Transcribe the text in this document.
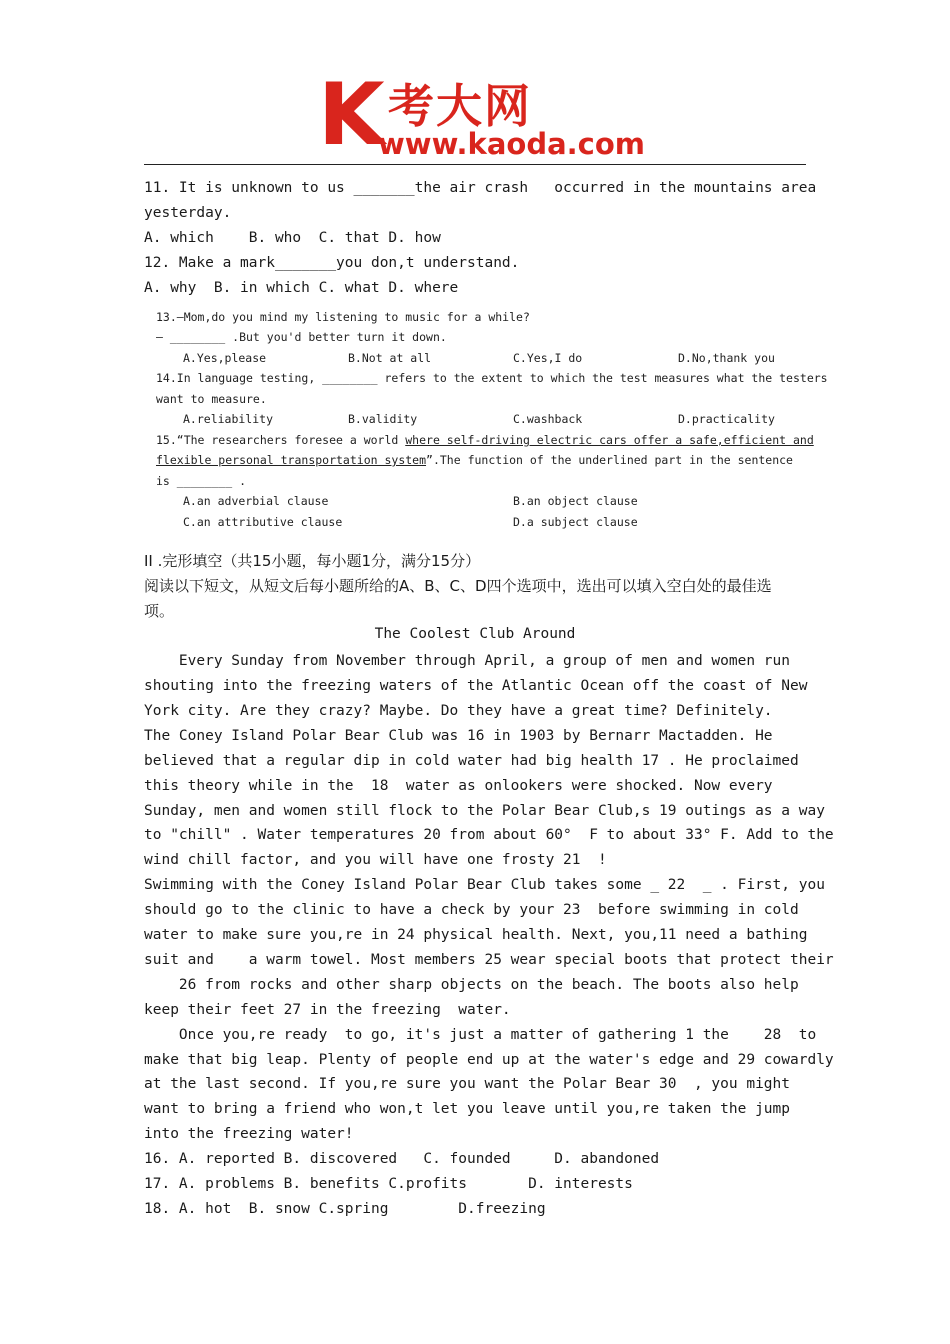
K 考大网
www.kaoda.com
11. It is unknown to us _______the air crash   occurred in the mountains area
yesterday.
A. which    B. who  C. that D. how
12. Make a mark_______you don,t understand.
A. why  B. in which C. what D. where
13.—Mom,do you mind my listening to music for a while?
— ________ .But you'd better turn it down.
A.Yes,please	B.Not at all	C.Yes,I do	D.No,thank you
14.In language testing, ________ refers to the extent to which the test measures what the testers
want to measure.
A.reliability	B.validity	C.washback	D.practicality
15.“The researchers foresee a world where self-driving electric cars offer a safe,efficient and
flexible personal transportation system”.The function of the underlined part in the sentence
is ________ .
A.an adverbial clause	B.an object clause
C.an attributive clause	D.a subject clause
II .完形填空（共15小题，每小题1分，满分15分）
阅读以下短文，从短文后每小题所给的A、B、C、D四个选项中，选出可以填入空白处的最佳选
项。
The Coolest Club Around
Every Sunday from November through April, a group of men and women run
shouting into the freezing waters of the Atlantic Ocean off the coast of New
York city. Are they crazy? Maybe. Do they have a great time? Definitely.
The Coney Island Polar Bear Club was 16 in 1903 by Bernarr Mactadden. He
believed that a regular dip in cold water had big health 17 . He proclaimed
this theory while in the  18  water as onlookers were shocked. Now every
Sunday, men and women still flock to the Polar Bear Club,s 19 outings as a way
to "chill" . Water temperatures 20 from about 60°  F to about 33° F. Add to the
wind chill factor, and you will have one frosty 21  !
Swimming with the Coney Island Polar Bear Club takes some _ 22  _ . First, you
should go to the clinic to have a check by your 23  before swimming in cold
water to make sure you,re in 24 physical health. Next, you,11 need a bathing
suit and    a warm towel. Most members 25 wear special boots that protect their
26 from rocks and other sharp objects on the beach. The boots also help
keep their feet 27 in the freezing  water.
Once you,re ready  to go, it's just a matter of gathering 1 the    28  to
make that big leap. Plenty of people end up at the water's edge and 29 cowardly
at the last second. If you,re sure you want the Polar Bear 30  , you might
want to bring a friend who won,t let you leave until you,re taken the jump
into the freezing water!
16. A. reported B. discovered   C. founded     D. abandoned
17. A. problems B. benefits C.profits       D. interests
18. A. hot  B. snow C.spring        D.freezing
